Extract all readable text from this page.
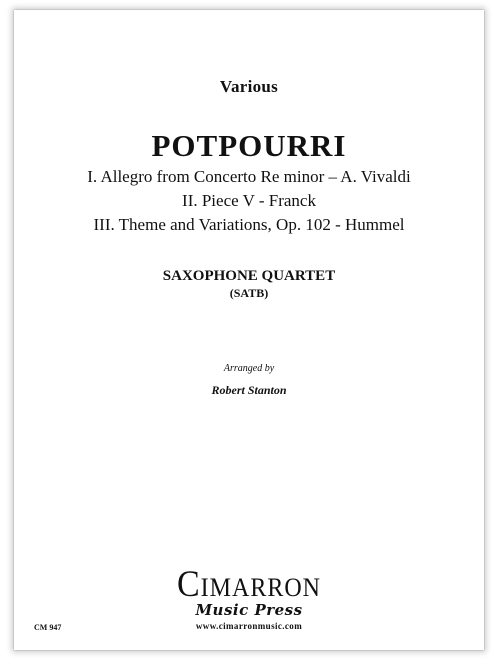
Various
POTPOURRI
I. Allegro from Concerto Re minor – A. Vivaldi
II. Piece V - Franck
III. Theme and Variations, Op. 102 - Hummel
SAXOPHONE QUARTET
(SATB)
Arranged by
Robert Stanton
CIMARRON
Music Press
www.cimarronmusic.com
CM 947
